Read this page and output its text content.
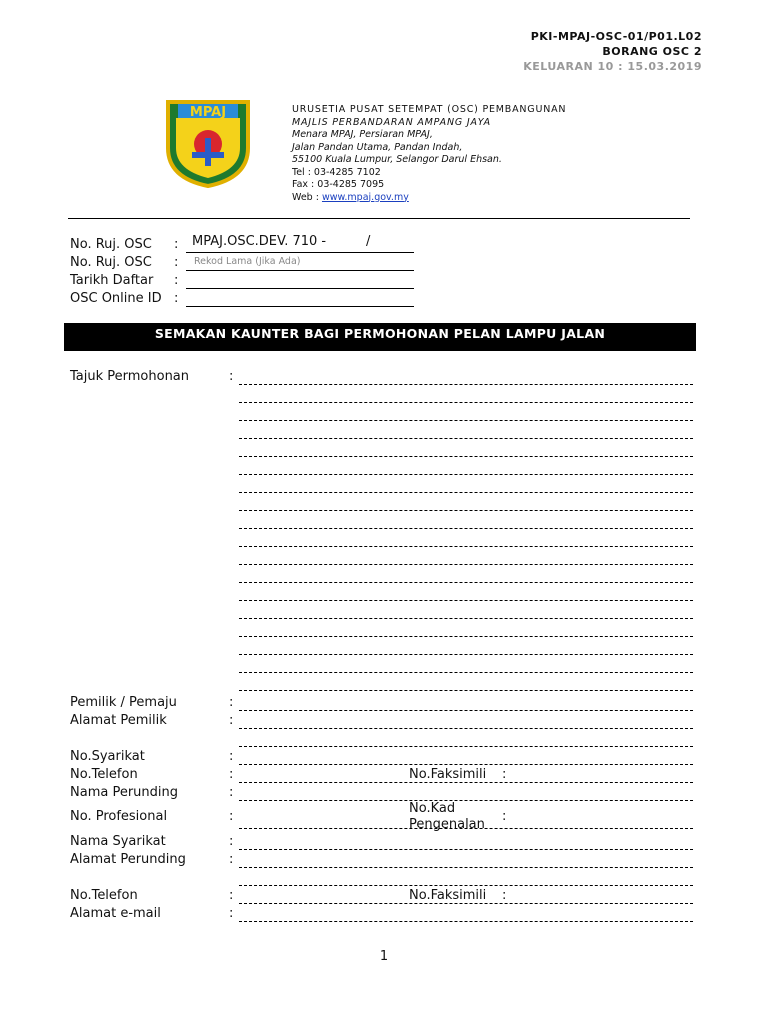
PKI-MPAJ-OSC-01/P01.L02
BORANG OSC 2
KELUARAN 10 : 15.03.2019
MPAJ	URUSETIA PUSAT SETEMPAT (OSC) PEMBANGUNAN
MAJLIS PERBANDARAN AMPANG JAYA
Menara MPAJ, Persiaran MPAJ,
Jalan Pandan Utama, Pandan Indah,
55100 Kuala Lumpur, Selangor Darul Ehsan.
Tel : 03-4285 7102
Fax : 03-4285 7095
Web : www.mpaj.gov.my
No. Ruj. OSC : MPAJ.OSC.DEV. 710 -	/
No. Ruj. OSC : Rekod Lama (Jika Ada)
Tarikh Daftar :
OSC Online ID :
SEMAKAN KAUNTER BAGI PERMOHONAN PELAN LAMPU JALAN
Tajuk Permohonan	:
Pemilik / Pemaju	:
Alamat Pemilik	:
No.Syarikat	:
No.Telefon	:	No.Faksimili :
Nama Perunding	:
No. Profesional	:
No.Kad
Pengenalan
:
Nama Syarikat	:
Alamat Perunding	:
No.Telefon	:	No.Faksimili :
Alamat e-mail	:
1
